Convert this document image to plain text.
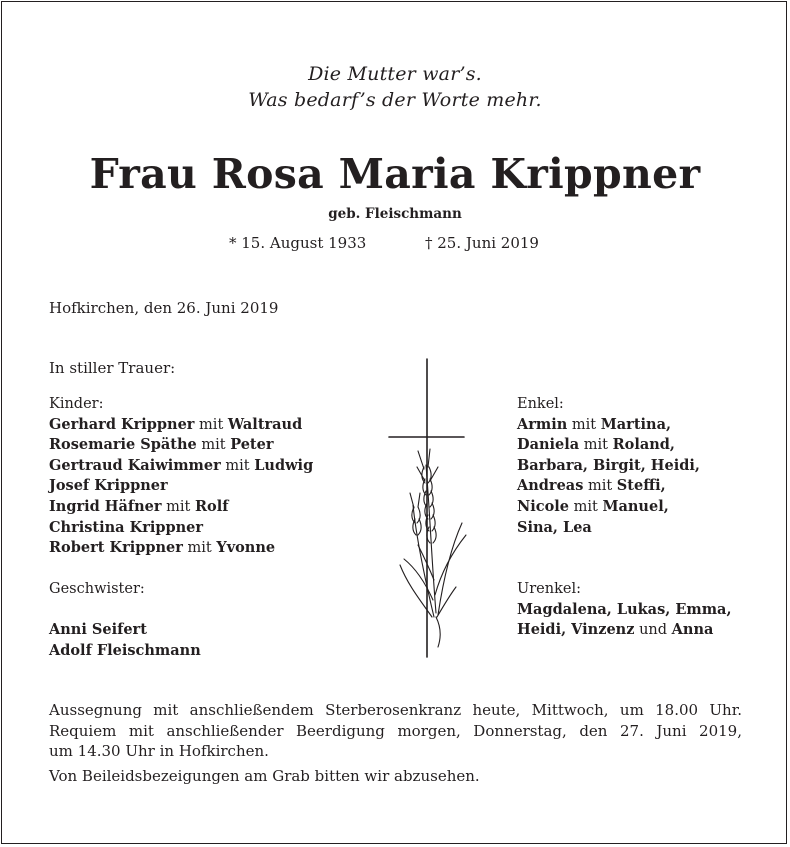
Die Mutter war’s.
Was bedarf’s der Worte mehr.
Frau Rosa Maria Krippner
geb. Fleischmann
* 15. August 1933	† 25. Juni 2019
Hofkirchen, den 26. Juni 2019
In stiller Trauer:
Kinder:
Gerhard Krippner mit Waltraud
Rosemarie Späthe mit Peter
Gertraud Kaiwimmer mit Ludwig
Josef Krippner
Ingrid Häfner mit Rolf
Christina Krippner
Robert Krippner mit Yvonne
Geschwister:
Anni Seifert
Adolf Fleischmann
Enkel:
Armin mit Martina,
Daniela mit Roland,
Barbara, Birgit, Heidi,
Andreas mit Steffi,
Nicole mit Manuel,
Sina, Lea
Urenkel:
Magdalena, Lukas, Emma,
Heidi, Vinzenz und Anna
Aussegnung mit anschließendem Sterberosenkranz heute, Mittwoch, um 18.00 Uhr.
Requiem mit anschließender Beerdigung morgen, Donnerstag, den 27. Juni 2019,
um 14.30 Uhr in Hofkirchen.
Von Beileidsbezeigungen am Grab bitten wir abzusehen.
